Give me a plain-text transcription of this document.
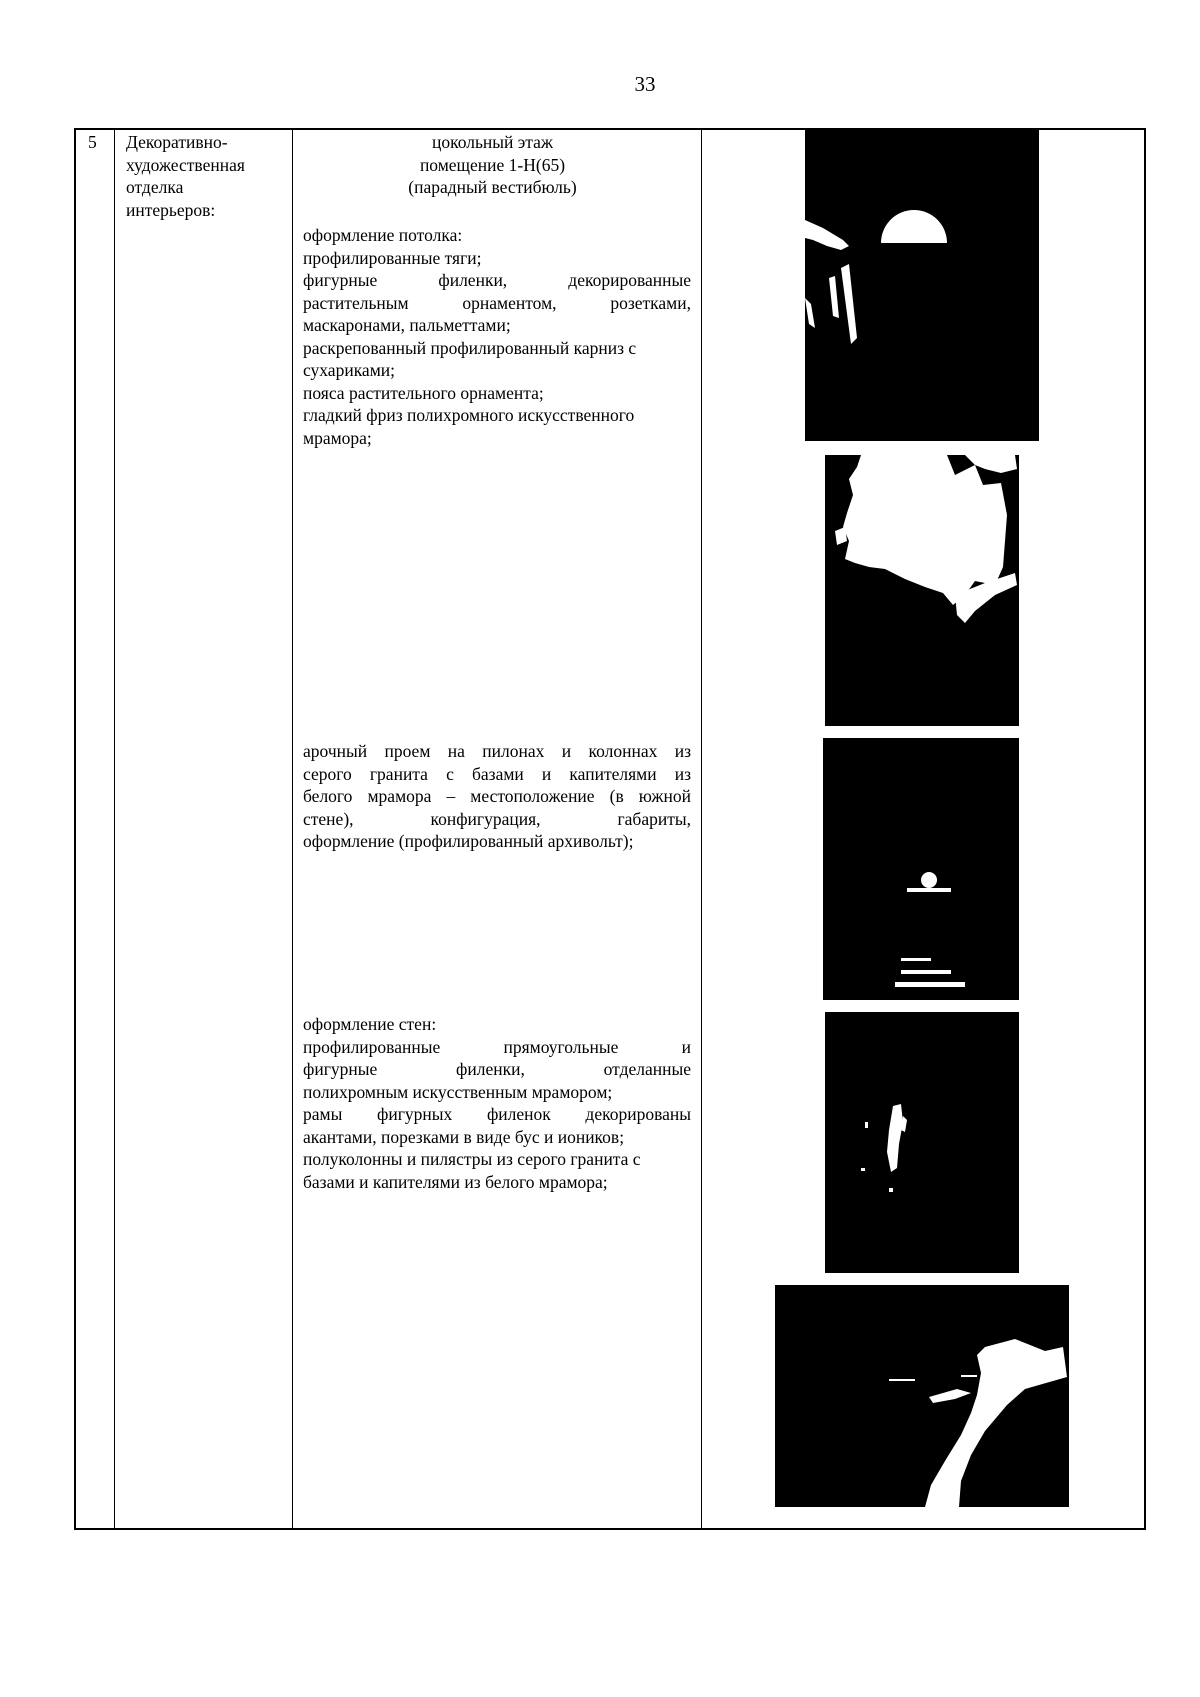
33
5 Декоративно-
художественная
отделка
интерьеров:
цокольный этаж
помещение 1-Н(65)
(парадный вестибюль)

оформление потолка:

профилированные тяги;

фигурные филенки, декорированные

растительным орнаментом, розетками,

маскаронами, пальметтами;

раскрепованный профилированный карниз с

сухариками;

пояса растительного орнамента;

гладкий фриз полихромного искусственного

мрамора;

арочный проем на пилонах и колоннах из

серого гранита с базами и капителями из

белого мрамора – местоположение (в южной

стене), конфигурация, габариты,

оформление (профилированный архивольт);

оформление стен:

профилированные прямоугольные и

фигурные филенки, отделанные

полихромным искусственным мрамором;

рамы фигурных филенок декорированы

акантами, порезками в виде бус и иоников;

полуколонны и пилястры из серого гранита с

базами и капителями из белого мрамора;
